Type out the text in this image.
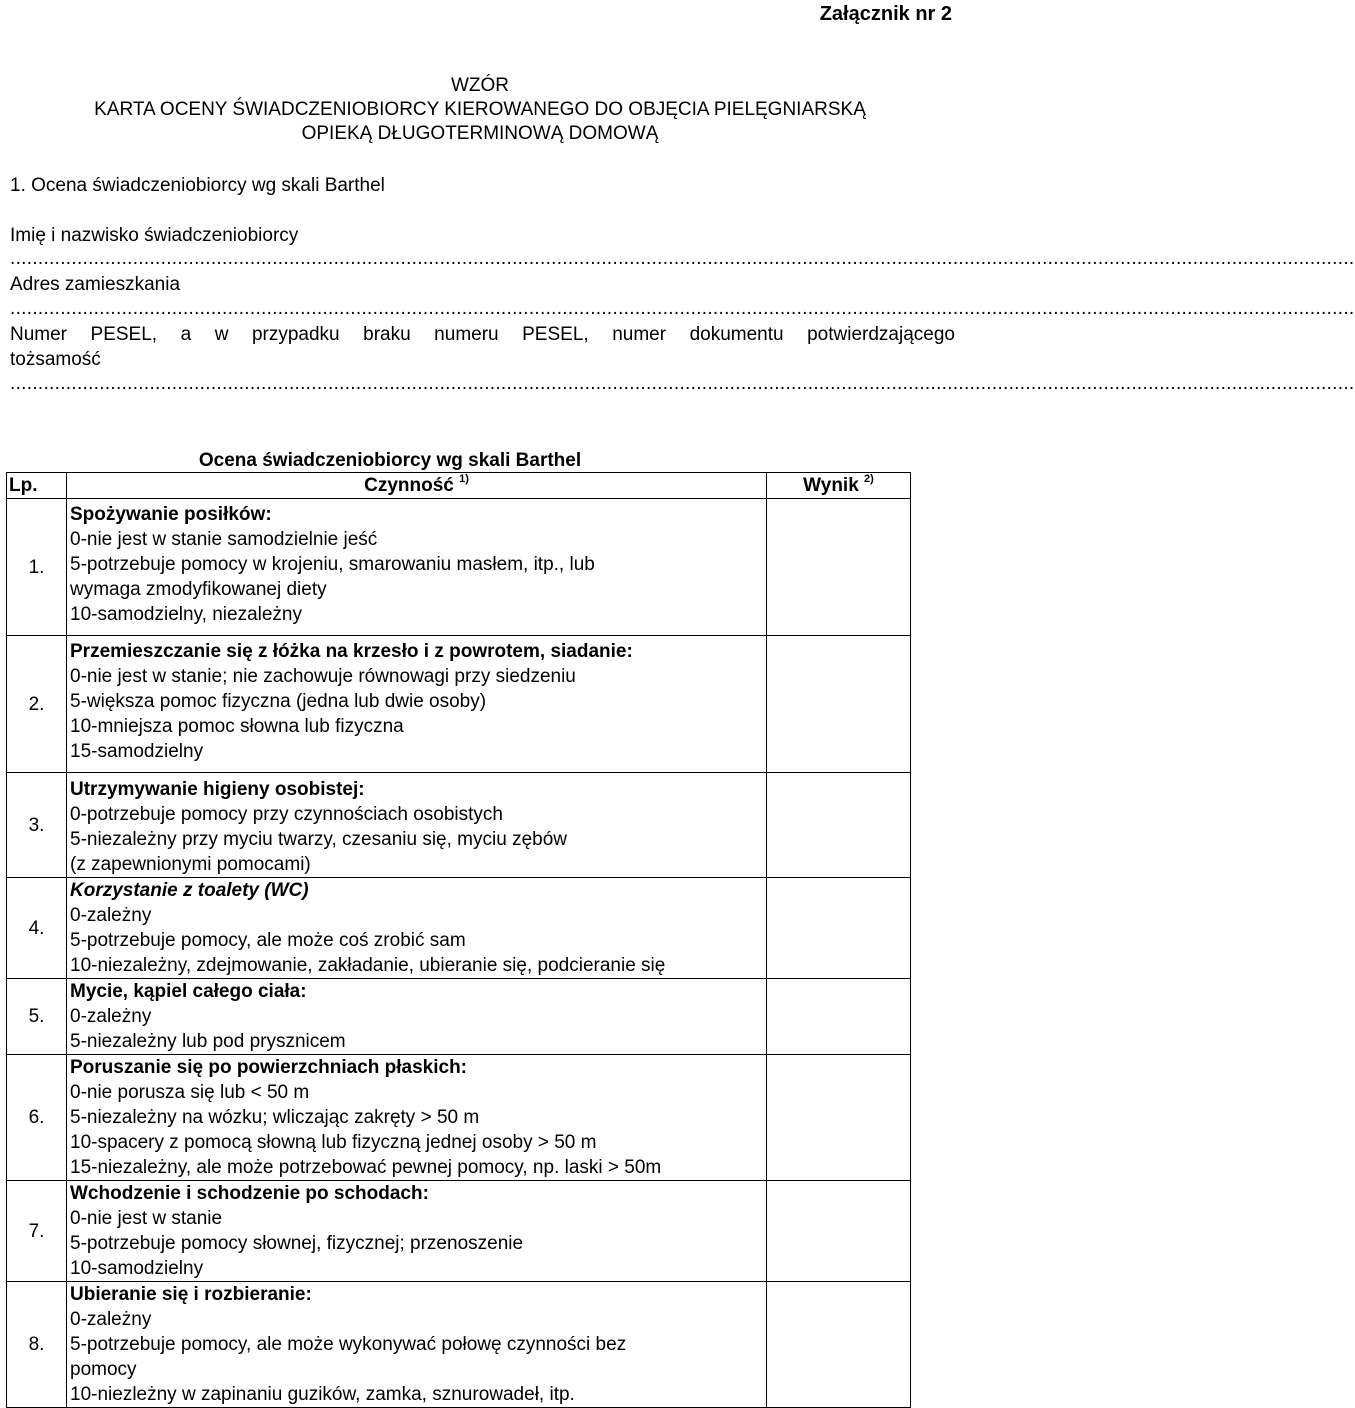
Załącznik nr 2
WZÓR
KARTA OCENY ŚWIADCZENIOBIORCY KIEROWANEGO DO OBJĘCIA PIELĘGNIARSKĄ
OPIEKĄ DŁUGOTERMINOWĄ DOMOWĄ
1. Ocena świadczeniobiorcy wg skali Barthel
Imię i nazwisko świadczeniobiorcy
.................................................................................................................................................................................................................................................
Adres zamieszkania
.................................................................................................................................................................................................................................................
Numer PESEL, a w przypadku braku numeru PESEL, numer dokumentu potwierdzającego
tożsamość
.................................................................................................................................................................................................................................................
Ocena świadczeniobiorcy wg skali Barthel
Lp.	Czynność $^{1)}$	Wynik $^{2)}$
1.	Spożywanie posiłków:
0-nie jest w stanie samodzielnie jeść
5-potrzebuje pomocy w krojeniu, smarowaniu masłem, itp., lub
wymaga zmodyfikowanej diety
10-samodzielny, niezależny	

2.	Przemieszczanie się z łóżka na krzesło i z powrotem, siadanie:
0-nie jest w stanie; nie zachowuje równowagi przy siedzeniu
5-większa pomoc fizyczna (jedna lub dwie osoby)
10-mniejsza pomoc słowna lub fizyczna
15-samodzielny	

3.	Utrzymywanie higieny osobistej:
0-potrzebuje pomocy przy czynnościach osobistych
5-niezależny przy myciu twarzy, czesaniu się, myciu zębów
(z zapewnionymi pomocami)	

4.	Korzystanie z toalety (WC)
0-zależny
5-potrzebuje pomocy, ale może coś zrobić sam
10-niezależny, zdejmowanie, zakładanie, ubieranie się, podcieranie się	

5.	Mycie, kąpiel całego ciała:
0-zależny
5-niezależny lub pod prysznicem	

6.	Poruszanie się po powierzchniach płaskich:
0-nie porusza się lub < 50 m
5-niezależny na wózku; wliczając zakręty > 50 m
10-spacery z pomocą słowną lub fizyczną jednej osoby > 50 m
15-niezależny, ale może potrzebować pewnej pomocy, np. laski > 50m	

7.	Wchodzenie i schodzenie po schodach:
0-nie jest w stanie
5-potrzebuje pomocy słownej, fizycznej; przenoszenie
10-samodzielny	

8.	Ubieranie się i rozbieranie:
0-zależny
5-potrzebuje pomocy, ale może wykonywać połowę czynności bez
pomocy
10-niezleżny w zapinaniu guzików, zamka, sznurowadeł, itp.	
